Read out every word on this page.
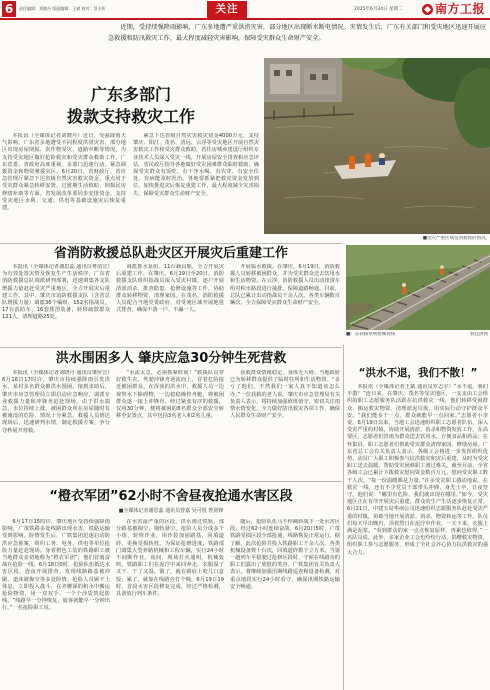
6	责任编辑：刘晓丹 版面编辑：王斌 校对：蔡水传	关注	2025年6月24日 星期二	南方工报
近期，受持续强降雨影响，广东多地遭严重洪涝灾害，部分地区出现断水断电情况。灾情发生后，广东有关部门和受灾地区迅速开展应急救援和防汛救灾工作，最大程度减轻灾害影响，保障受灾群众生命财产安全。
广东多部门
拨款支持救灾工作
本报讯（全媒体记者刘晓丹）近日，受强降雨天气影响，广东省多地遭受不同程度洪涝灾害，部分地区出现房屋倒损、农作物受灾、道路中断等情况。为支持受灾地区做好抢险救灾和受灾群众救助工作，广东省委、省政府高度重视，多部门迅速行动，紧急调拨资金和物资驰援灾区。6月20日，省财政厅、省应急管理厅紧急下达省级自然灾害救灾资金，重点用于受灾群众紧急转移安置、过渡期生活救助、倒损民房修缮补助等方面。省发展改革委同步安排资金，支持受灾地区水利、交通、供电等基础设施灾后恢复重建。
紧急下达省级自然灾害救灾资金4000万元，支持肇庆、阳江、茂名、清远、云浮等受灾地区开展自然灾害救灾工作和受灾群众救助。省住房城乡建设厅组织专业技术人员深入受灾一线，开展房屋安全排查和应急评估。省民政厅指导各地做好受灾困难群众临时救助，确保受灾群众有饭吃、有干净水喝、有衣穿、有安全住处、有病能及时医治。各地要抓紧把救灾资金发放到位，加快推进灾后恢复重建工作，最大程度减少灾害损失，保障受灾群众生命财产安全。
■受灾严重区域受到救援的情况。
省消防救援总队赴灾区开展灾后重建工作
本报讯（全媒体记者谢思蕊 通讯员粤消宣）为有效处置灾情及恢复生产生活秩序，广东省消防救援总队调派研判部署，迅速调集各支队增援力量赶赴受灾严重地区，全力开展灾后重建工作。其中，肇庆市消防救援支队（含省总队增援力量）调派36个编组、152名指战员、17台消防车、16套排涝装备，转移疏散群众121人，清理道路25处。
调派排水泵组、11台载具船，全力开展灾后重建工作。在肇庆，6月19日至20日，消防救援支队组织指战员深入受灾村镇，逐户开展清淤消杀、排查隐患、抢修设施等工作，协助群众转移物资、清理家园。在茂名，消防救援人员配合当地党委政府，对受淹区域开展地毯式排查，确保不落一户、不漏一人。
开展临水救援。在肇庆，6月19日，消防救援人员转移被困群众，并为受灾群众送去饮用水和生活物资。在云浮，消防救援人员出动排涝车组对积水路段进行抽排，保障道路畅通。目前，总队已累计出动指战员千余人次、各类车辆数百辆次，全力保障受灾群众生命财产安全。
■广东铁路系统抢修现场	翁佳供图
洪水围困多人 肇庆应急30分钟生死营救
本报讯（全媒体记者刘晓丹 通讯员肇应宣）6月16日17时许，肇庆市持续强降雨引发洪水，某村多名群众被洪水围困。接到求助后，肇庆市应急管理局立即启动应急响应，调派专业救援力量和冲锋舟赶赴现场。由于洪水湍急，水位持续上涨，被困群众所在房屋随时有被淹没的危险，情况十分紧急。救援人员到达现场后，迅速研判水情，制定救援方案，争分夺秒展开营救。
“水流太急，必须抓紧时间！”救援队员穿好救生衣，驾驶冲锋舟逆流而上，冒着危险接近被困群众。在浑浊的洪水中，救援人员一边观察水下障碍物，一边稳稳操控舟艇，将被困群众逐一接上冲锋舟。经过紧张有序的救援，仅用30分钟，便将被困的8名群众全部安全转移至安置点，其中包括3名老人和2名儿童。
获救群众情绪稳定，身体无大碍。当地政府已为转移群众提供了临时住所和生活物资。“多亏了他们，不然我们一家人真不知道该怎么办。”一位获救的老人说。肇庆市应急管理局有关负责人表示，将持续加强值班值守，密切关注雨情水情变化，全力做好防汛救灾各项工作，确保人民群众生命财产安全。
“洪水不退，我们不散！”
本报讯（全媒体记者王斌 通讯员罗志宇）“水不退，我们不散！”连日来，在肇庆、茂名等受灾地区，一支支由工会组织的职工志愿服务队活跃在抗洪救灾一线，他们转移受困群众、搬运救灾物资、清理淤泥垃圾，用实际行动守护群众平安。“我们能多干一点，群众就能早一点回家。”志愿者小李说。6月19日以来，当地工会迅速组织职工志愿者队伍，深入受灾严重的村镇，协助开展清淤、消杀和物资发放工作。在高要区，志愿者们冒雨为群众送去饮用水、方便食品和药品；在怀集县，职工志愿者们帮助受灾群众清理家园、修缮房屋。广东省总工会有关负责人表示，各级工会将进一步发挥组织优势，动员广大职工积极参与抗洪救灾和灾后重建，及时为受灾职工送去温暖，帮助受灾困难职工渡过难关。截至目前，全省各级工会已累计下拨救灾慰问资金数百万元，慰问受灾职工数千人次。“每一份温暖都是力量。”许多受灾职工感动地说。在救灾一线，还有不少党员干部带头冲锋，身先士卒，日夜坚守，他们说：“哪里有危险，我们就出现在哪里。”如今，受灾地区正在有序开展灾后重建，群众的生产生活逐步恢复正常。6月21日，中建五局华南公司迅速组织志愿服务队赶赴受灾严重的村镇，协助当地开展清淤、消杀、物资转运等工作。队员们每天早出晚归，顶着烈日在泥泞中作业，一天下来，衣服上满是泥浆。“看到群众的家一点点恢复原样，再累也值得。”一名队员说。此外，多家企业工会也纷纷行动，捐赠救灾物资，组织职工参与志愿服务，形成了全社会齐心协力抗洪救灾的强大合力。
“橙衣军团”62小时不舍昼夜抢通水害区段
■全媒体记者谢思蕊 通讯员曾嘉 吴可悦 曾剑锋
6月17日15时许，肇庆地区受持续强降雨影响，广茂铁路多处线路出现水害，铁路运输受到影响。险情发生后，广铁集团迅速启动防洪应急预案，组织工务、电务、供电等单位抢险力量赶赴现场。身着橙色工装的铁路职工被当地群众亲切地称为“橙衣军团”，他们冒雨奋战在抢险一线。6月18日0时，抢险队伍抵达水害区段，连夜开展排查，发现线路路基被冲刷、道床被掏空等多处险情。抢险人员顾不上休息，立即投入战斗，在齐腰深的积水中搬运抢险物资，用一双双手、一个个沙袋筑起防线。“线路早一分钟恢复，旅客就能早一分钟出行。”一名抢险职工说。
在水害最严重的区段，洪水漫过铁轨，部分路基被掏空，钢轨悬空。抢险人员分成多个小组，轮班作业，用沙袋加固路基，回填道砟，更换受损轨枕。为保证抢修进度，铁路部门调集大型养路机械和工程车辆，实行24小时不间断作业。夜间，现场灯火通明，机械轰鸣，铁路职工们在泥泞中来回奔走，衣服湿了又干、干了又湿。饿了，就在路肩上吃几口盒饭；累了，就靠在线路旁打个盹。6月19日19时，首段水害区段修复完成，经过严格检测，具备放行列车条件。
随后，抢险队伍马不停蹄转战下一处水害区段。经过62小时连续奋战，6月20日5时，广茂铁路受损区段全部抢通，线路恢复正常运行。据了解，此次抢险共投入铁路职工千余人次、各类机械设备数十台次，回填道砟数千立方米。当第一趟列车平稳驶过抢修区段时，守候在线路旁的职工们露出了欣慰的笑容。广铁集团有关负责人表示，将继续加强汛期线路巡查和设备检测，对重点地段实行24小时看守，确保汛期铁路运输安全畅通。
